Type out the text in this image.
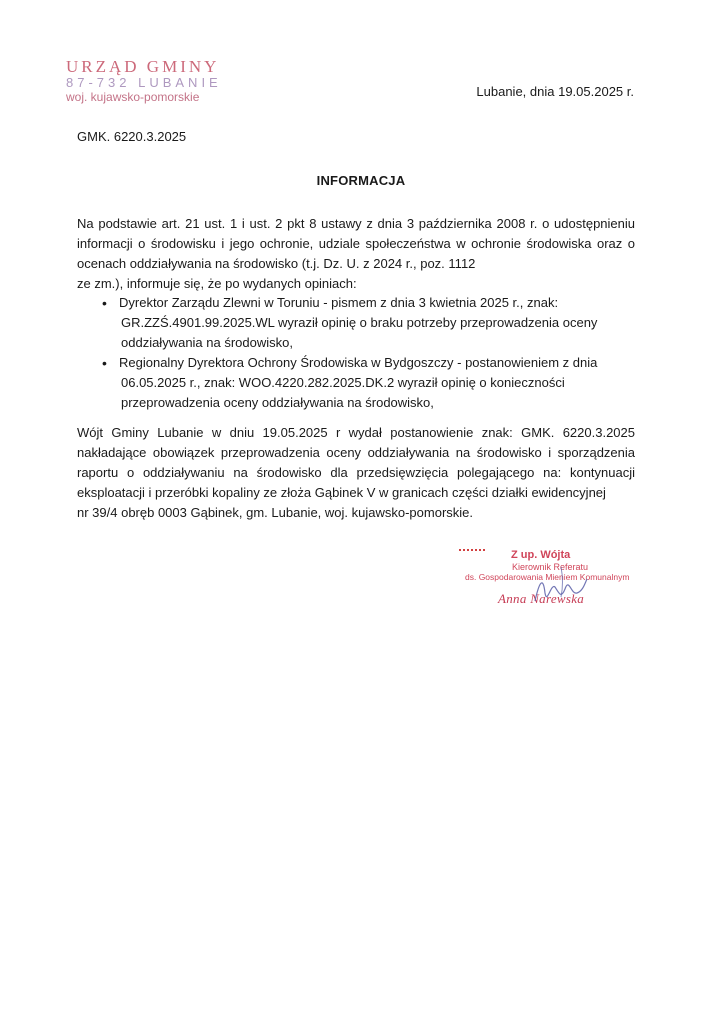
URZĄD GMINY
87-732 LUBANIE
woj. kujawsko-pomorskie	Lubanie, dnia 19.05.2025 r.
GMK. 6220.3.2025
INFORMACJA
Na podstawie art. 21 ust. 1 i ust. 2 pkt 8 ustawy z dnia 3 października 2008 r. o udostępnieniu informacji o środowisku i jego ochronie, udziale społeczeństwa w ochronie środowiska oraz o ocenach oddziaływania na środowisko (t.j. Dz. U. z 2024 r., poz. 1112
ze zm.), informuje się, że po wydanych opiniach:
• Dyrektor Zarządu Zlewni w Toruniu - pismem z dnia 3 kwietnia 2025 r., znak:
GR.ZZŚ.4901.99.2025.WL wyraził opinię o braku potrzeby przeprowadzenia oceny oddziaływania na środowisko,
• Regionalny Dyrektora Ochrony Środowiska w Bydgoszczy - postanowieniem z dnia
06.05.2025 r., znak: WOO.4220.282.2025.DK.2 wyraził opinię o konieczności przeprowadzenia oceny oddziaływania na środowisko,
Wójt Gminy Lubanie w dniu 19.05.2025 r wydał postanowienie znak: GMK. 6220.3.2025 nakładające obowiązek przeprowadzenia oceny oddziaływania na środowisko i sporządzenia raportu o oddziaływaniu na środowisko dla przedsięwzięcia polegającego na: kontynuacji eksploatacji i przeróbki kopaliny ze złoża Gąbinek V w granicach części działki ewidencyjnej
nr 39/4 obręb 0003 Gąbinek, gm. Lubanie, woj. kujawsko-pomorskie.
Z up. Wójta
Kierownik Referatu
ds. Gospodarowania Mieniem Komunalnym
Anna Narewska
